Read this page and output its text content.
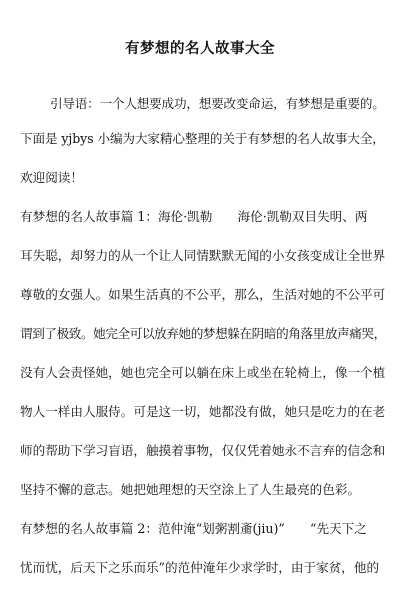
有梦想的名人故事大全
引导语：一个人想要成功，想要改变命运，有梦想是重要的。
下面是 yjbys 小编为大家精心整理的关于有梦想的名人故事大全，
欢迎阅读！
有梦想的名人故事篇 1：海伦·凯勒　　海伦·凯勒双目失明、两
耳失聪，却努力的从一个让人同情默默无闻的小女孩变成让全世界
尊敬的女强人。如果生活真的不公平，那么，生活对她的不公平可
谓到了极致。她完全可以放弃她的梦想躲在阴暗的角落里放声痛哭，
没有人会责怪她，她也完全可以躺在床上或坐在轮椅上，像一个植
物人一样由人服侍。可是这一切，她都没有做，她只是吃力的在老
师的帮助下学习盲语，触摸着事物，仅仅凭着她永不言弃的信念和
坚持不懈的意志。她把她理想的天空涂上了人生最亮的色彩。
有梦想的名人故事篇 2：范仲淹“划粥割齑(jiu)”　　“先天下之
忧而忧，后天下之乐而乐”的范仲淹年少求学时，由于家贫，他的
